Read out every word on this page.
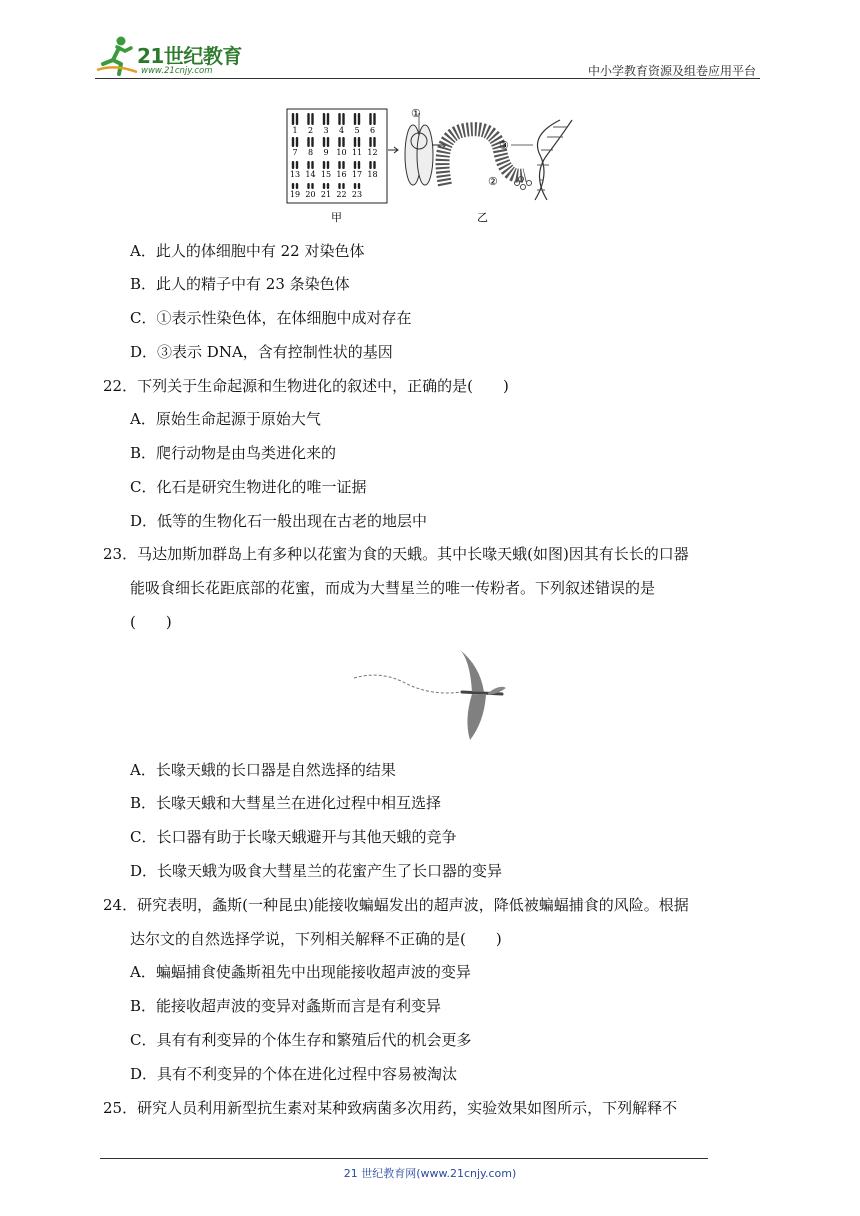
21世纪教育
www.21cnjy.com	中小学教育资源及组卷应用平台
1 2 3 4 5 6
7 8 9 10 11 12
13 14 15 16 17 18
19 20 21 22 23
①
②
③
甲	乙
A．此人的体细胞中有 22 对染色体
B．此人的精子中有 23 条染色体
C．①表示性染色体，在体细胞中成对存在
D．③表示 DNA，含有控制性状的基因
22．下列关于生命起源和生物进化的叙述中，正确的是(　　)
A．原始生命起源于原始大气
B．爬行动物是由鸟类进化来的
C．化石是研究生物进化的唯一证据
D．低等的生物化石一般出现在古老的地层中
23．马达加斯加群岛上有多种以花蜜为食的天蛾。其中长喙天蛾(如图)因其有长长的口器
能吸食细长花距底部的花蜜，而成为大彗星兰的唯一传粉者。下列叙述错误的是
(　　)
A．长喙天蛾的长口器是自然选择的结果
B．长喙天蛾和大彗星兰在进化过程中相互选择
C．长口器有助于长喙天蛾避开与其他天蛾的竞争
D．长喙天蛾为吸食大彗星兰的花蜜产生了长口器的变异
24．研究表明，螽斯(一种昆虫)能接收蝙蝠发出的超声波，降低被蝙蝠捕食的风险。根据
达尔文的自然选择学说，下列相关解释不正确的是(　　)
A．蝙蝠捕食使螽斯祖先中出现能接收超声波的变异
B．能接收超声波的变异对螽斯而言是有利变异
C．具有有利变异的个体生存和繁殖后代的机会更多
D．具有不利变异的个体在进化过程中容易被淘汰
25．研究人员利用新型抗生素对某种致病菌多次用药，实验效果如图所示，下列解释不
21 世纪教育网(www.21cnjy.com)
